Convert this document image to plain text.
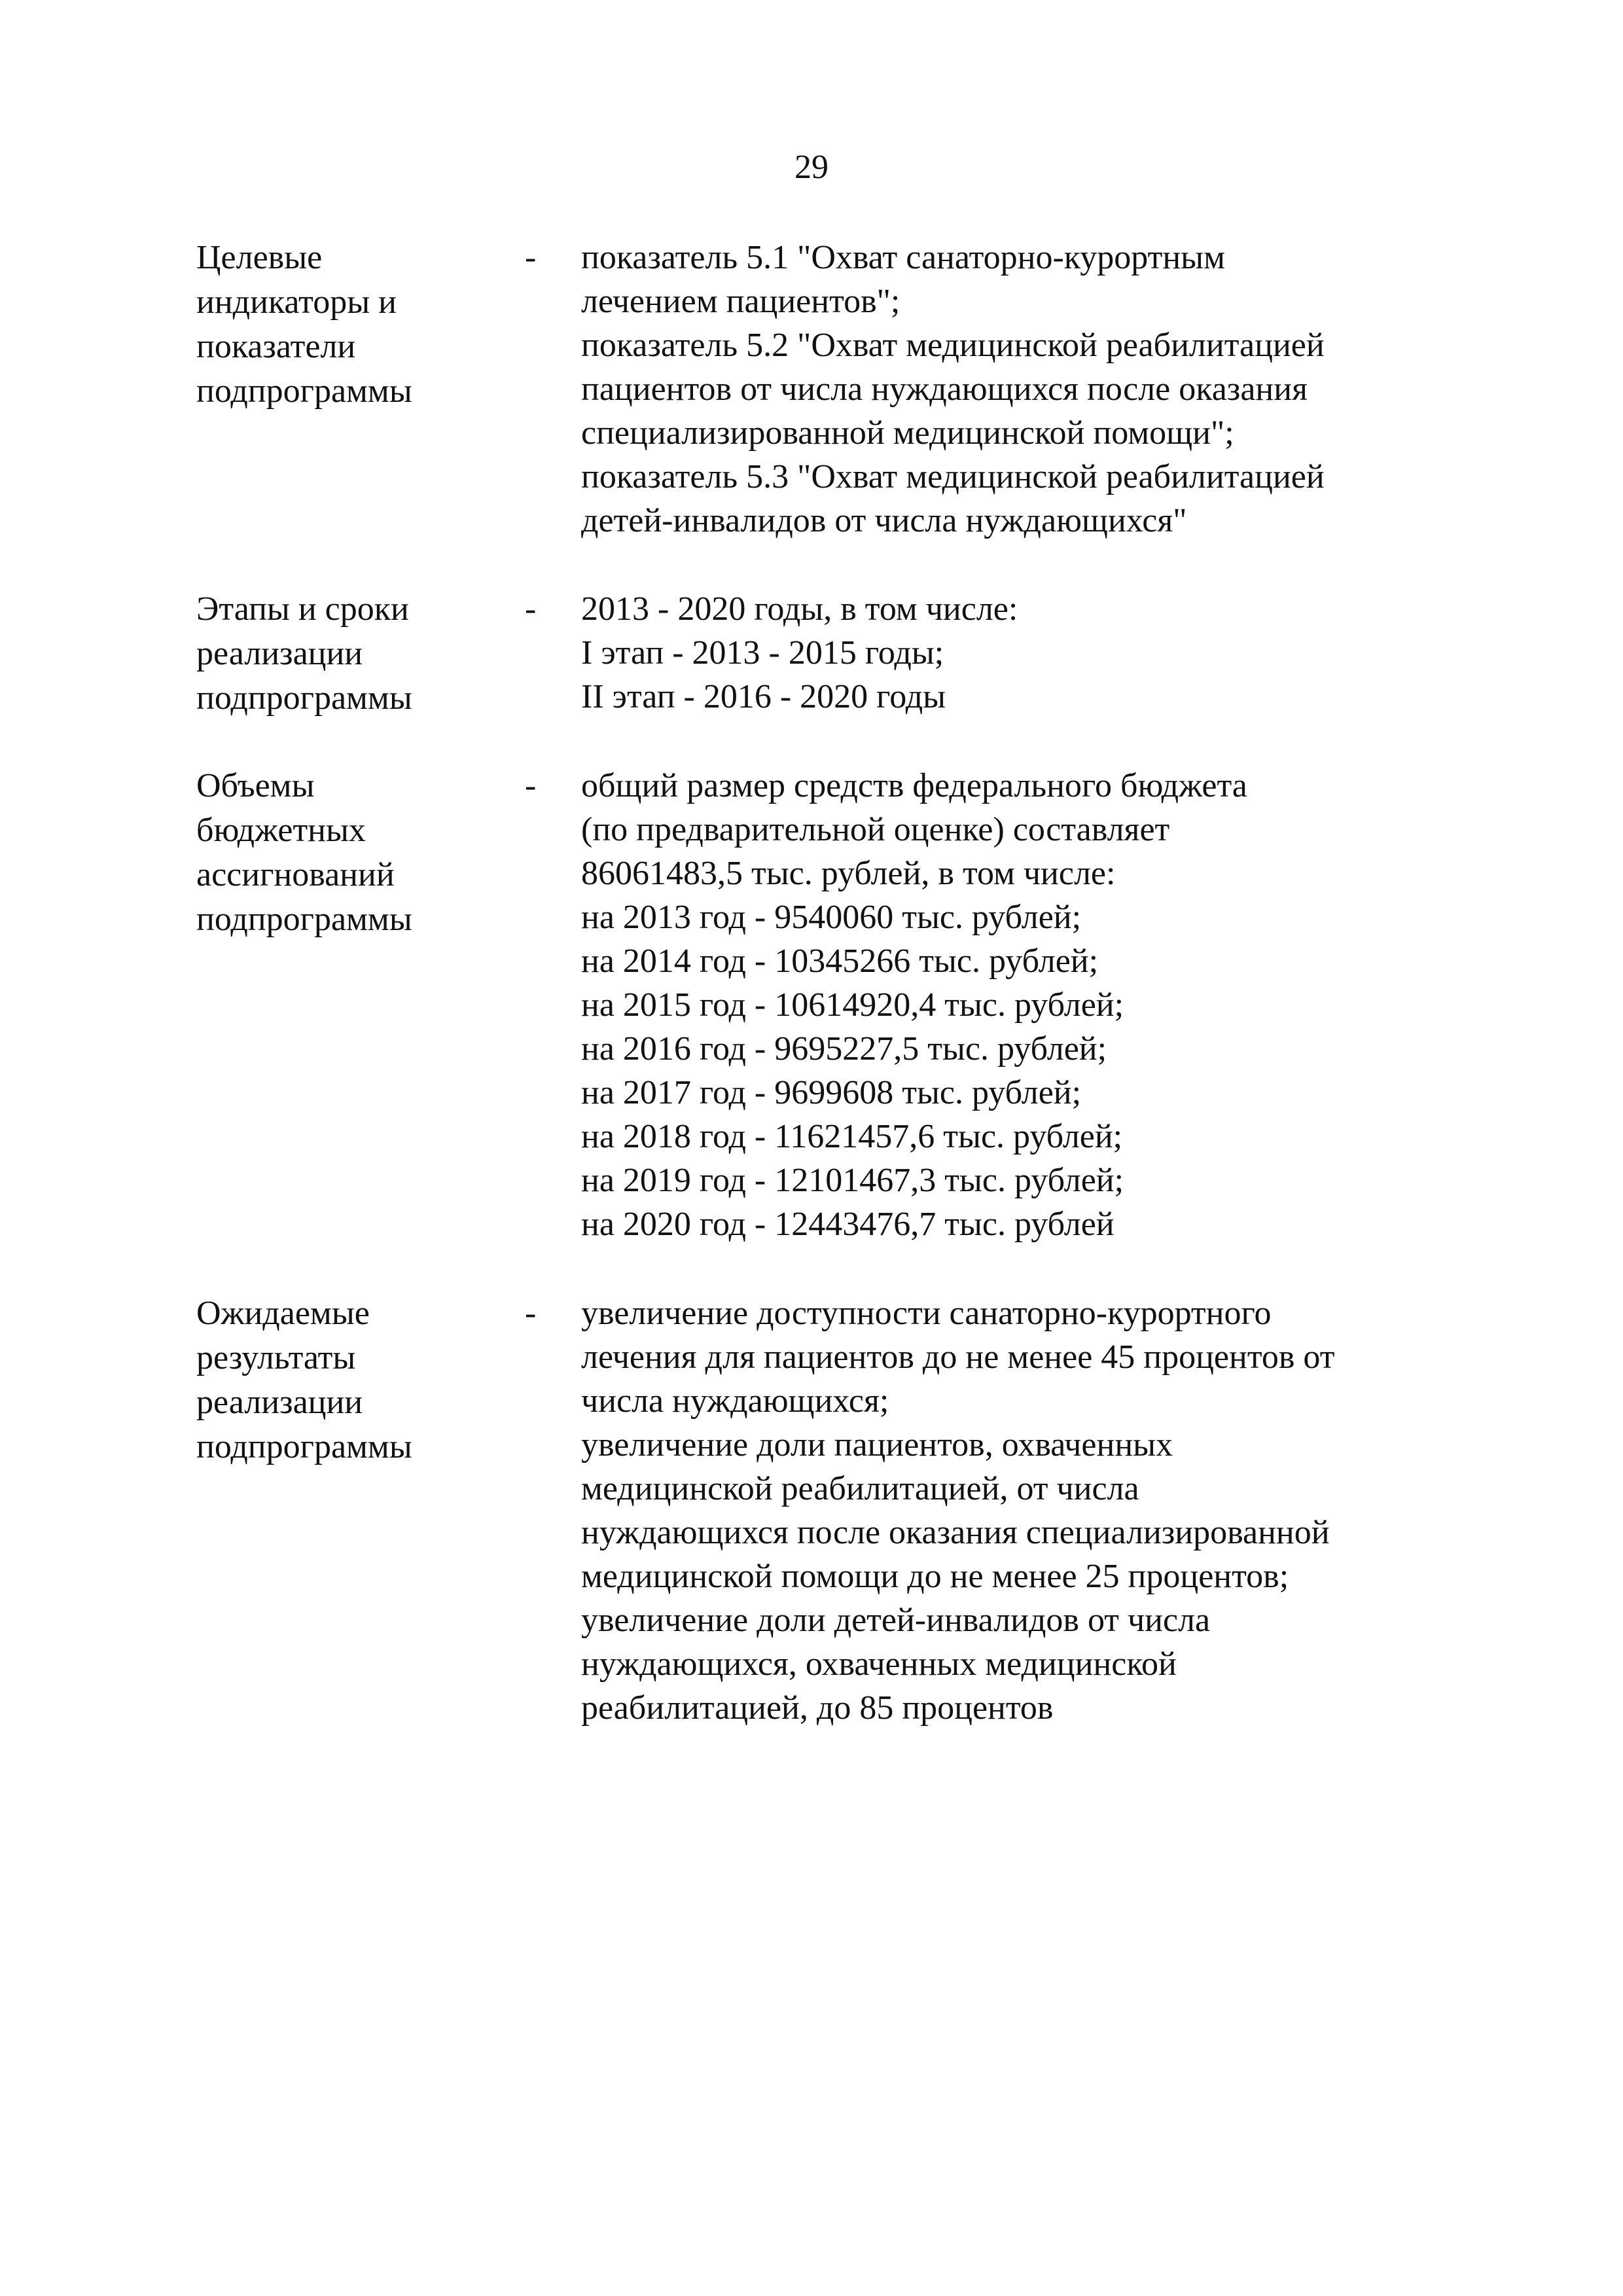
29
Целевые
индикаторы и
показатели
подпрограммы
- показатель 5.1 "Охват санаторно-курортным
лечением пациентов";
показатель 5.2 "Охват медицинской реабилитацией
пациентов от числа нуждающихся после оказания
специализированной медицинской помощи";
показатель 5.3 "Охват медицинской реабилитацией
детей-инвалидов от числа нуждающихся"
Этапы и сроки
реализации
подпрограммы
- 2013 - 2020 годы, в том числе:
I этап - 2013 - 2015 годы;
II этап - 2016 - 2020 годы
Объемы
бюджетных
ассигнований
подпрограммы
- общий размер средств федерального бюджета
(по предварительной оценке) составляет
86061483,5 тыс. рублей, в том числе:
на 2013 год - 9540060 тыс. рублей;
на 2014 год - 10345266 тыс. рублей;
на 2015 год - 10614920,4 тыс. рублей;
на 2016 год - 9695227,5 тыс. рублей;
на 2017 год - 9699608 тыс. рублей;
на 2018 год - 11621457,6 тыс. рублей;
на 2019 год - 12101467,3 тыс. рублей;
на 2020 год - 12443476,7 тыс. рублей
Ожидаемые
результаты
реализации
подпрограммы
- увеличение доступности санаторно-курортного
лечения для пациентов до не менее 45 процентов от
числа нуждающихся;
увеличение доли пациентов, охваченных
медицинской реабилитацией, от числа
нуждающихся после оказания специализированной
медицинской помощи до не менее 25 процентов;
увеличение доли детей-инвалидов от числа
нуждающихся, охваченных медицинской
реабилитацией, до 85 процентов
